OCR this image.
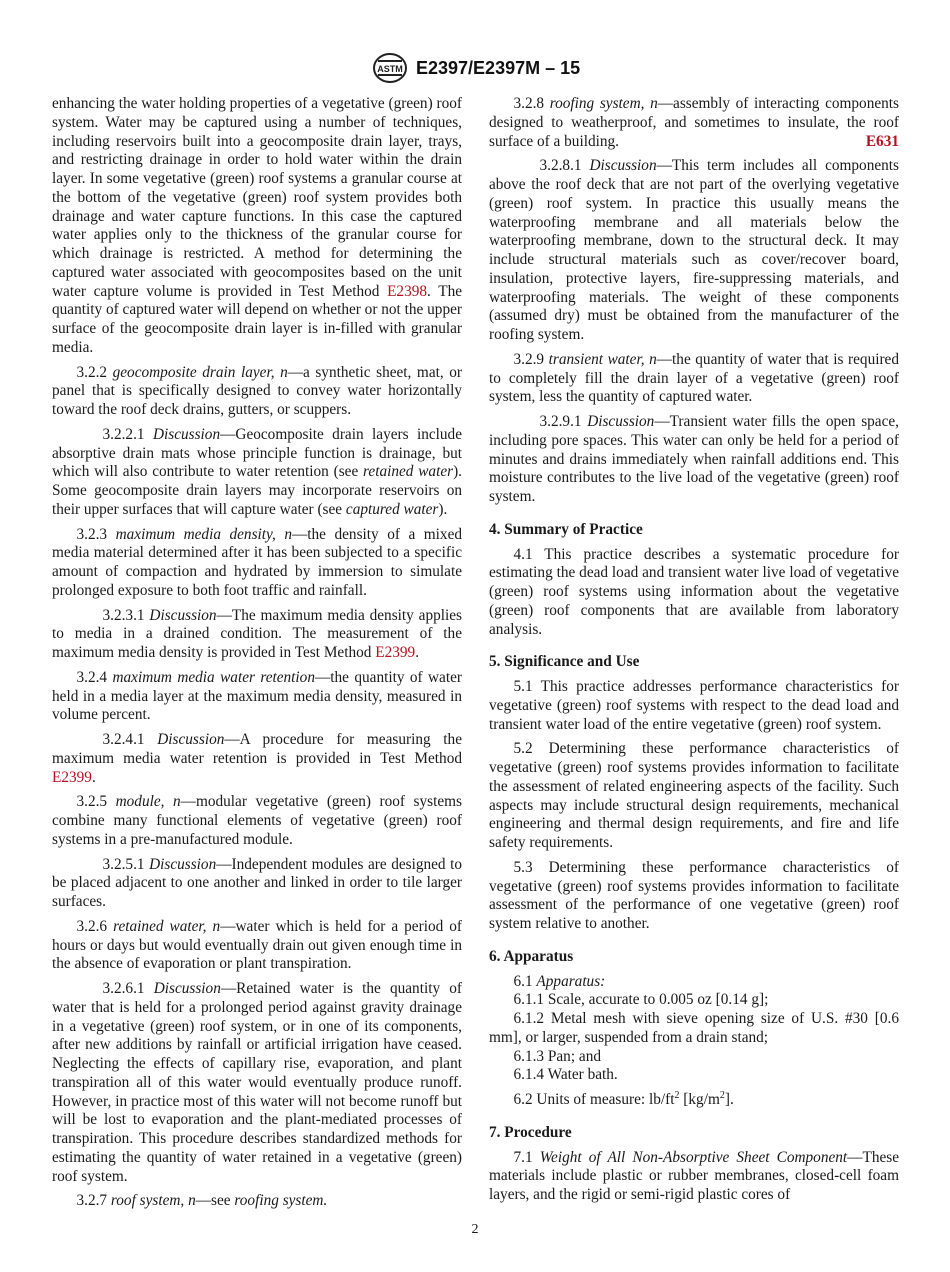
ASTM E2397/E2397M – 15

enhancing the water holding properties of a vegetative (green) roof system. Water may be captured using a number of techniques, including reservoirs built into a geocomposite drain layer, trays, and restricting drainage in order to hold water within the drain layer. In some vegetative (green) roof systems a granular course at the bottom of the vegetative (green) roof system provides both drainage and water capture functions. In this case the captured water applies only to the thickness of the granular course for which drainage is restricted. A method for determining the captured water associated with geocomposites based on the unit water capture volume is provided in Test Method E2398. The quantity of captured water will depend on whether or not the upper surface of the geocomposite drain layer is in-filled with granular media.

3.2.2 geocomposite drain layer, n—a synthetic sheet, mat, or panel that is specifically designed to convey water horizontally toward the roof deck drains, gutters, or scuppers.

3.2.2.1 Discussion—Geocomposite drain layers include absorptive drain mats whose principle function is drainage, but which will also contribute to water retention (see retained water). Some geocomposite drain layers may incorporate reservoirs on their upper surfaces that will capture water (see captured water).

3.2.3 maximum media density, n—the density of a mixed media material determined after it has been subjected to a specific amount of compaction and hydrated by immersion to simulate prolonged exposure to both foot traffic and rainfall.

3.2.3.1 Discussion—The maximum media density applies to media in a drained condition. The measurement of the maximum media density is provided in Test Method E2399.

3.2.4 maximum media water retention—the quantity of water held in a media layer at the maximum media density, measured in volume percent.

3.2.4.1 Discussion—A procedure for measuring the maximum media water retention is provided in Test Method E2399.

3.2.5 module, n—modular vegetative (green) roof systems combine many functional elements of vegetative (green) roof systems in a pre-manufactured module.

3.2.5.1 Discussion—Independent modules are designed to be placed adjacent to one another and linked in order to tile larger surfaces.

3.2.6 retained water, n—water which is held for a period of hours or days but would eventually drain out given enough time in the absence of evaporation or plant transpiration.

3.2.6.1 Discussion—Retained water is the quantity of water that is held for a prolonged period against gravity drainage in a vegetative (green) roof system, or in one of its components, after new additions by rainfall or artificial irrigation have ceased. Neglecting the effects of capillary rise, evaporation, and plant transpiration all of this water would eventually produce runoff. However, in practice most of this water will not become runoff but will be lost to evaporation and the plant-mediated processes of transpiration. This procedure describes standardized methods for estimating the quantity of water retained in a vegetative (green) roof system.

3.2.7 roof system, n—see roofing system.

3.2.8 roofing system, n—assembly of interacting components designed to weatherproof, and sometimes to insulate, the roof surface of a building.	E631

3.2.8.1 Discussion—This term includes all components above the roof deck that are not part of the overlying vegetative (green) roof system. In practice this usually means the waterproofing membrane and all materials below the waterproofing membrane, down to the structural deck. It may include structural materials such as cover/recover board, insulation, protective layers, fire-suppressing materials, and waterproofing materials. The weight of these components (assumed dry) must be obtained from the manufacturer of the roofing system.

3.2.9 transient water, n—the quantity of water that is required to completely fill the drain layer of a vegetative (green) roof system, less the quantity of captured water.

3.2.9.1 Discussion—Transient water fills the open space, including pore spaces. This water can only be held for a period of minutes and drains immediately when rainfall additions end. This moisture contributes to the live load of the vegetative (green) roof system.

4. Summary of Practice

4.1 This practice describes a systematic procedure for estimating the dead load and transient water live load of vegetative (green) roof systems using information about the vegetative (green) roof components that are available from laboratory analysis.

5. Significance and Use

5.1 This practice addresses performance characteristics for vegetative (green) roof systems with respect to the dead load and transient water load of the entire vegetative (green) roof system.

5.2 Determining these performance characteristics of vegetative (green) roof systems provides information to facilitate the assessment of related engineering aspects of the facility. Such aspects may include structural design requirements, mechanical engineering and thermal design requirements, and fire and life safety requirements.

5.3 Determining these performance characteristics of vegetative (green) roof systems provides information to facilitate assessment of the performance of one vegetative (green) roof system relative to another.

6. Apparatus

6.1 Apparatus:

6.1.1 Scale, accurate to 0.005 oz [0.14 g];

6.1.2 Metal mesh with sieve opening size of U.S. #30 [0.6 mm], or larger, suspended from a drain stand;

6.1.3 Pan; and

6.1.4 Water bath.

6.2 Units of measure: $lb/ft^2$ $[kg/m^2]$.

7. Procedure

7.1 Weight of All Non-Absorptive Sheet Component—These materials include plastic or rubber membranes, closed-cell foam layers, and the rigid or semi-rigid plastic cores of

2
